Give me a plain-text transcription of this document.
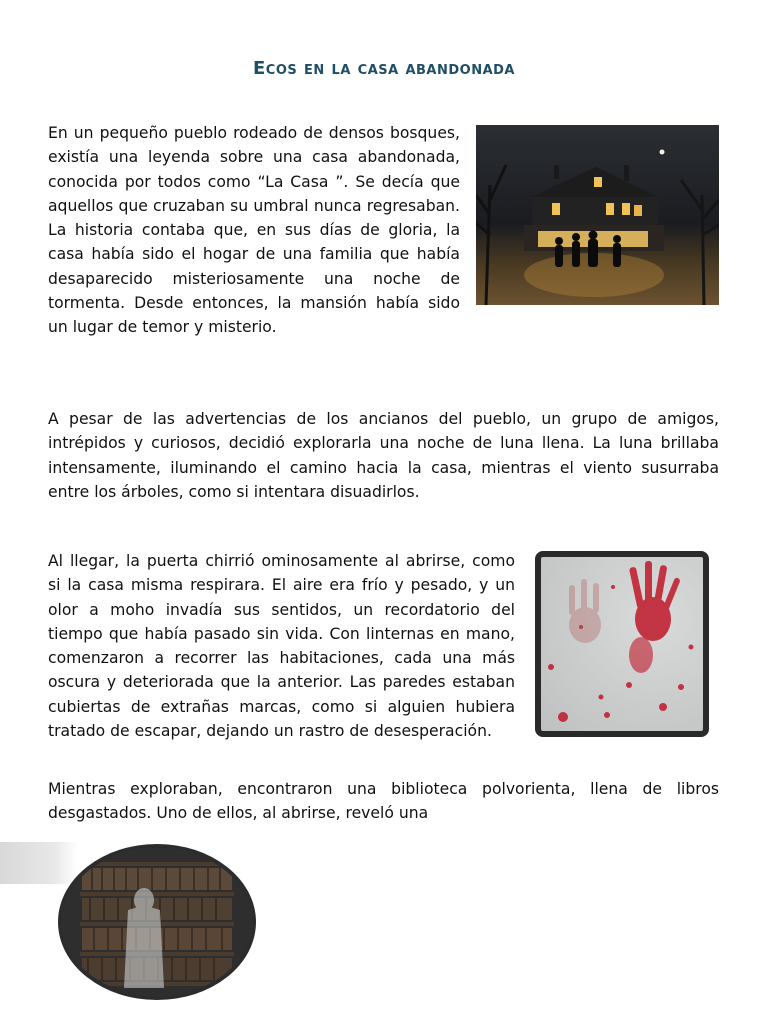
Ecos en la casa abandonada
En un pequeño pueblo rodeado de densos bosques, existía una leyenda sobre una casa abandonada, conocida por todos como “La Casa ”. Se decía que aquellos que cruzaban su umbral nunca regresaban. La historia contaba que, en sus días de gloria, la casa había sido el hogar de una familia que había desaparecido misteriosamente una noche de tormenta. Desde entonces, la mansión había sido un lugar de temor y misterio.
A pesar de las advertencias de los ancianos del pueblo, un grupo de amigos, intrépidos y curiosos, decidió explorarla una noche de luna llena. La luna brillaba intensamente, iluminando el camino hacia la casa, mientras el viento susurraba entre los árboles, como si intentara disuadirlos.
Al llegar, la puerta chirrió ominosamente al abrirse, como si la casa misma respirara. El aire era frío y pesado, y un olor a moho invadía sus sentidos, un recordatorio del tiempo que había pasado sin vida. Con linternas en mano, comenzaron a recorrer las habitaciones, cada una más oscura y deteriorada que la anterior. Las paredes estaban cubiertas de extrañas marcas, como si alguien hubiera tratado de escapar, dejando un rastro de desesperación.
Mientras exploraban, encontraron una biblioteca polvorienta, llena de libros desgastados. Uno de ellos, al abrirse, reveló una
